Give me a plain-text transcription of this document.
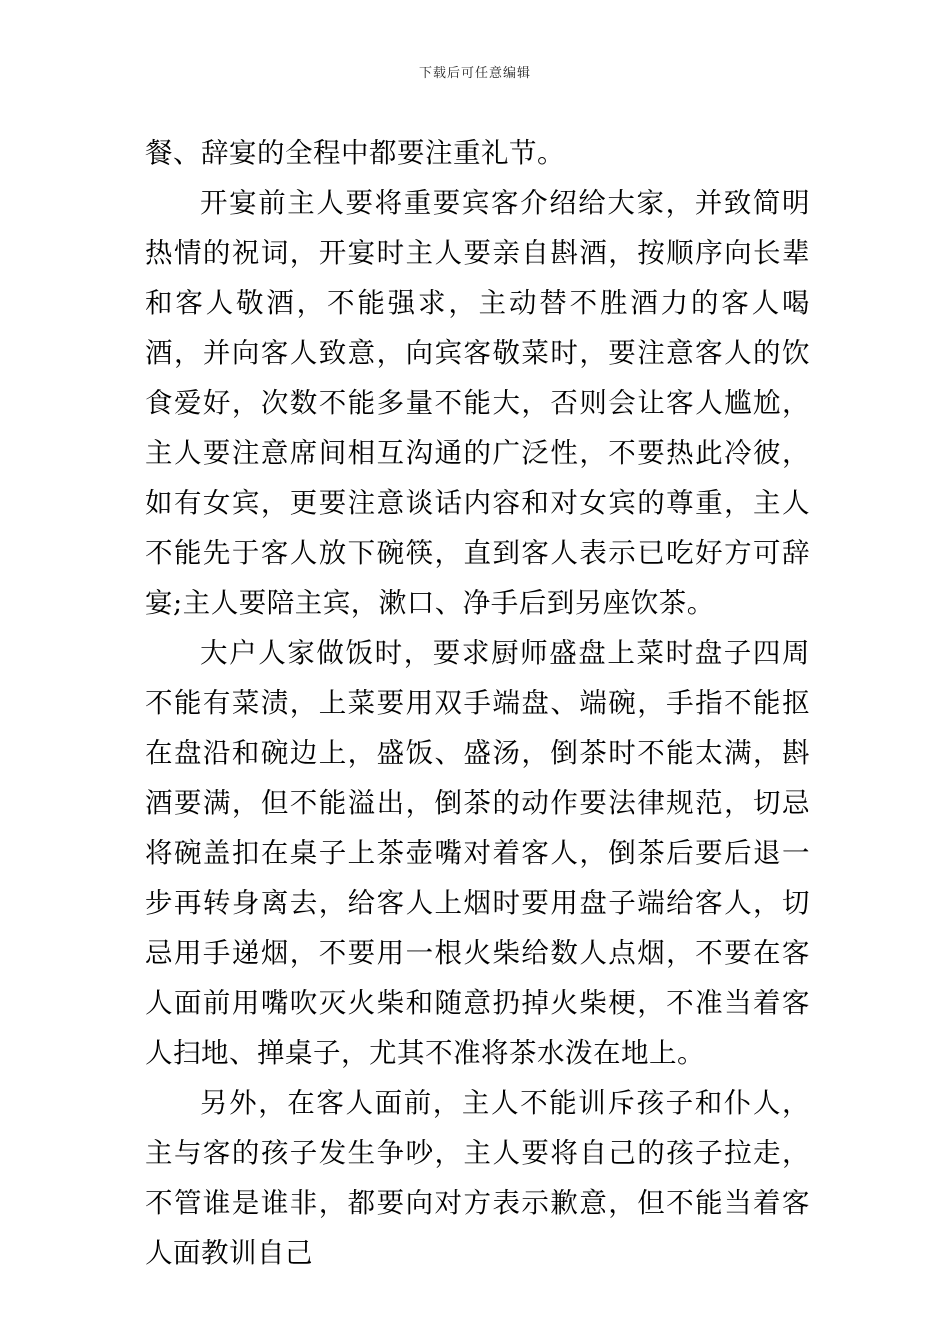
下载后可任意编辑

餐、辞宴的全程中都要注重礼节。

开宴前主人要将重要宾客介绍给大家，并致简明热情的祝词，开宴时主人要亲自斟酒，按顺序向长辈和客人敬酒，不能强求，主动替不胜酒力的客人喝酒，并向客人致意，向宾客敬菜时，要注意客人的饮食爱好，次数不能多量不能大，否则会让客人尴尬，主人要注意席间相互沟通的广泛性，不要热此冷彼，如有女宾，更要注意谈话内容和对女宾的尊重，主人不能先于客人放下碗筷，直到客人表示已吃好方可辞宴;主人要陪主宾，漱口、净手后到另座饮茶。

大户人家做饭时，要求厨师盛盘上菜时盘子四周不能有菜渍，上菜要用双手端盘、端碗，手指不能抠在盘沿和碗边上，盛饭、盛汤，倒茶时不能太满，斟酒要满，但不能溢出，倒茶的动作要法律规范，切忌将碗盖扣在桌子上茶壶嘴对着客人，倒茶后要后退一步再转身离去，给客人上烟时要用盘子端给客人，切忌用手递烟，不要用一根火柴给数人点烟，不要在客人面前用嘴吹灭火柴和随意扔掉火柴梗，不准当着客人扫地、掸桌子，尤其不准将茶水泼在地上。

另外，在客人面前，主人不能训斥孩子和仆人，主与客的孩子发生争吵，主人要将自己的孩子拉走，不管谁是谁非，都要向对方表示歉意，但不能当着客人面教训自己
